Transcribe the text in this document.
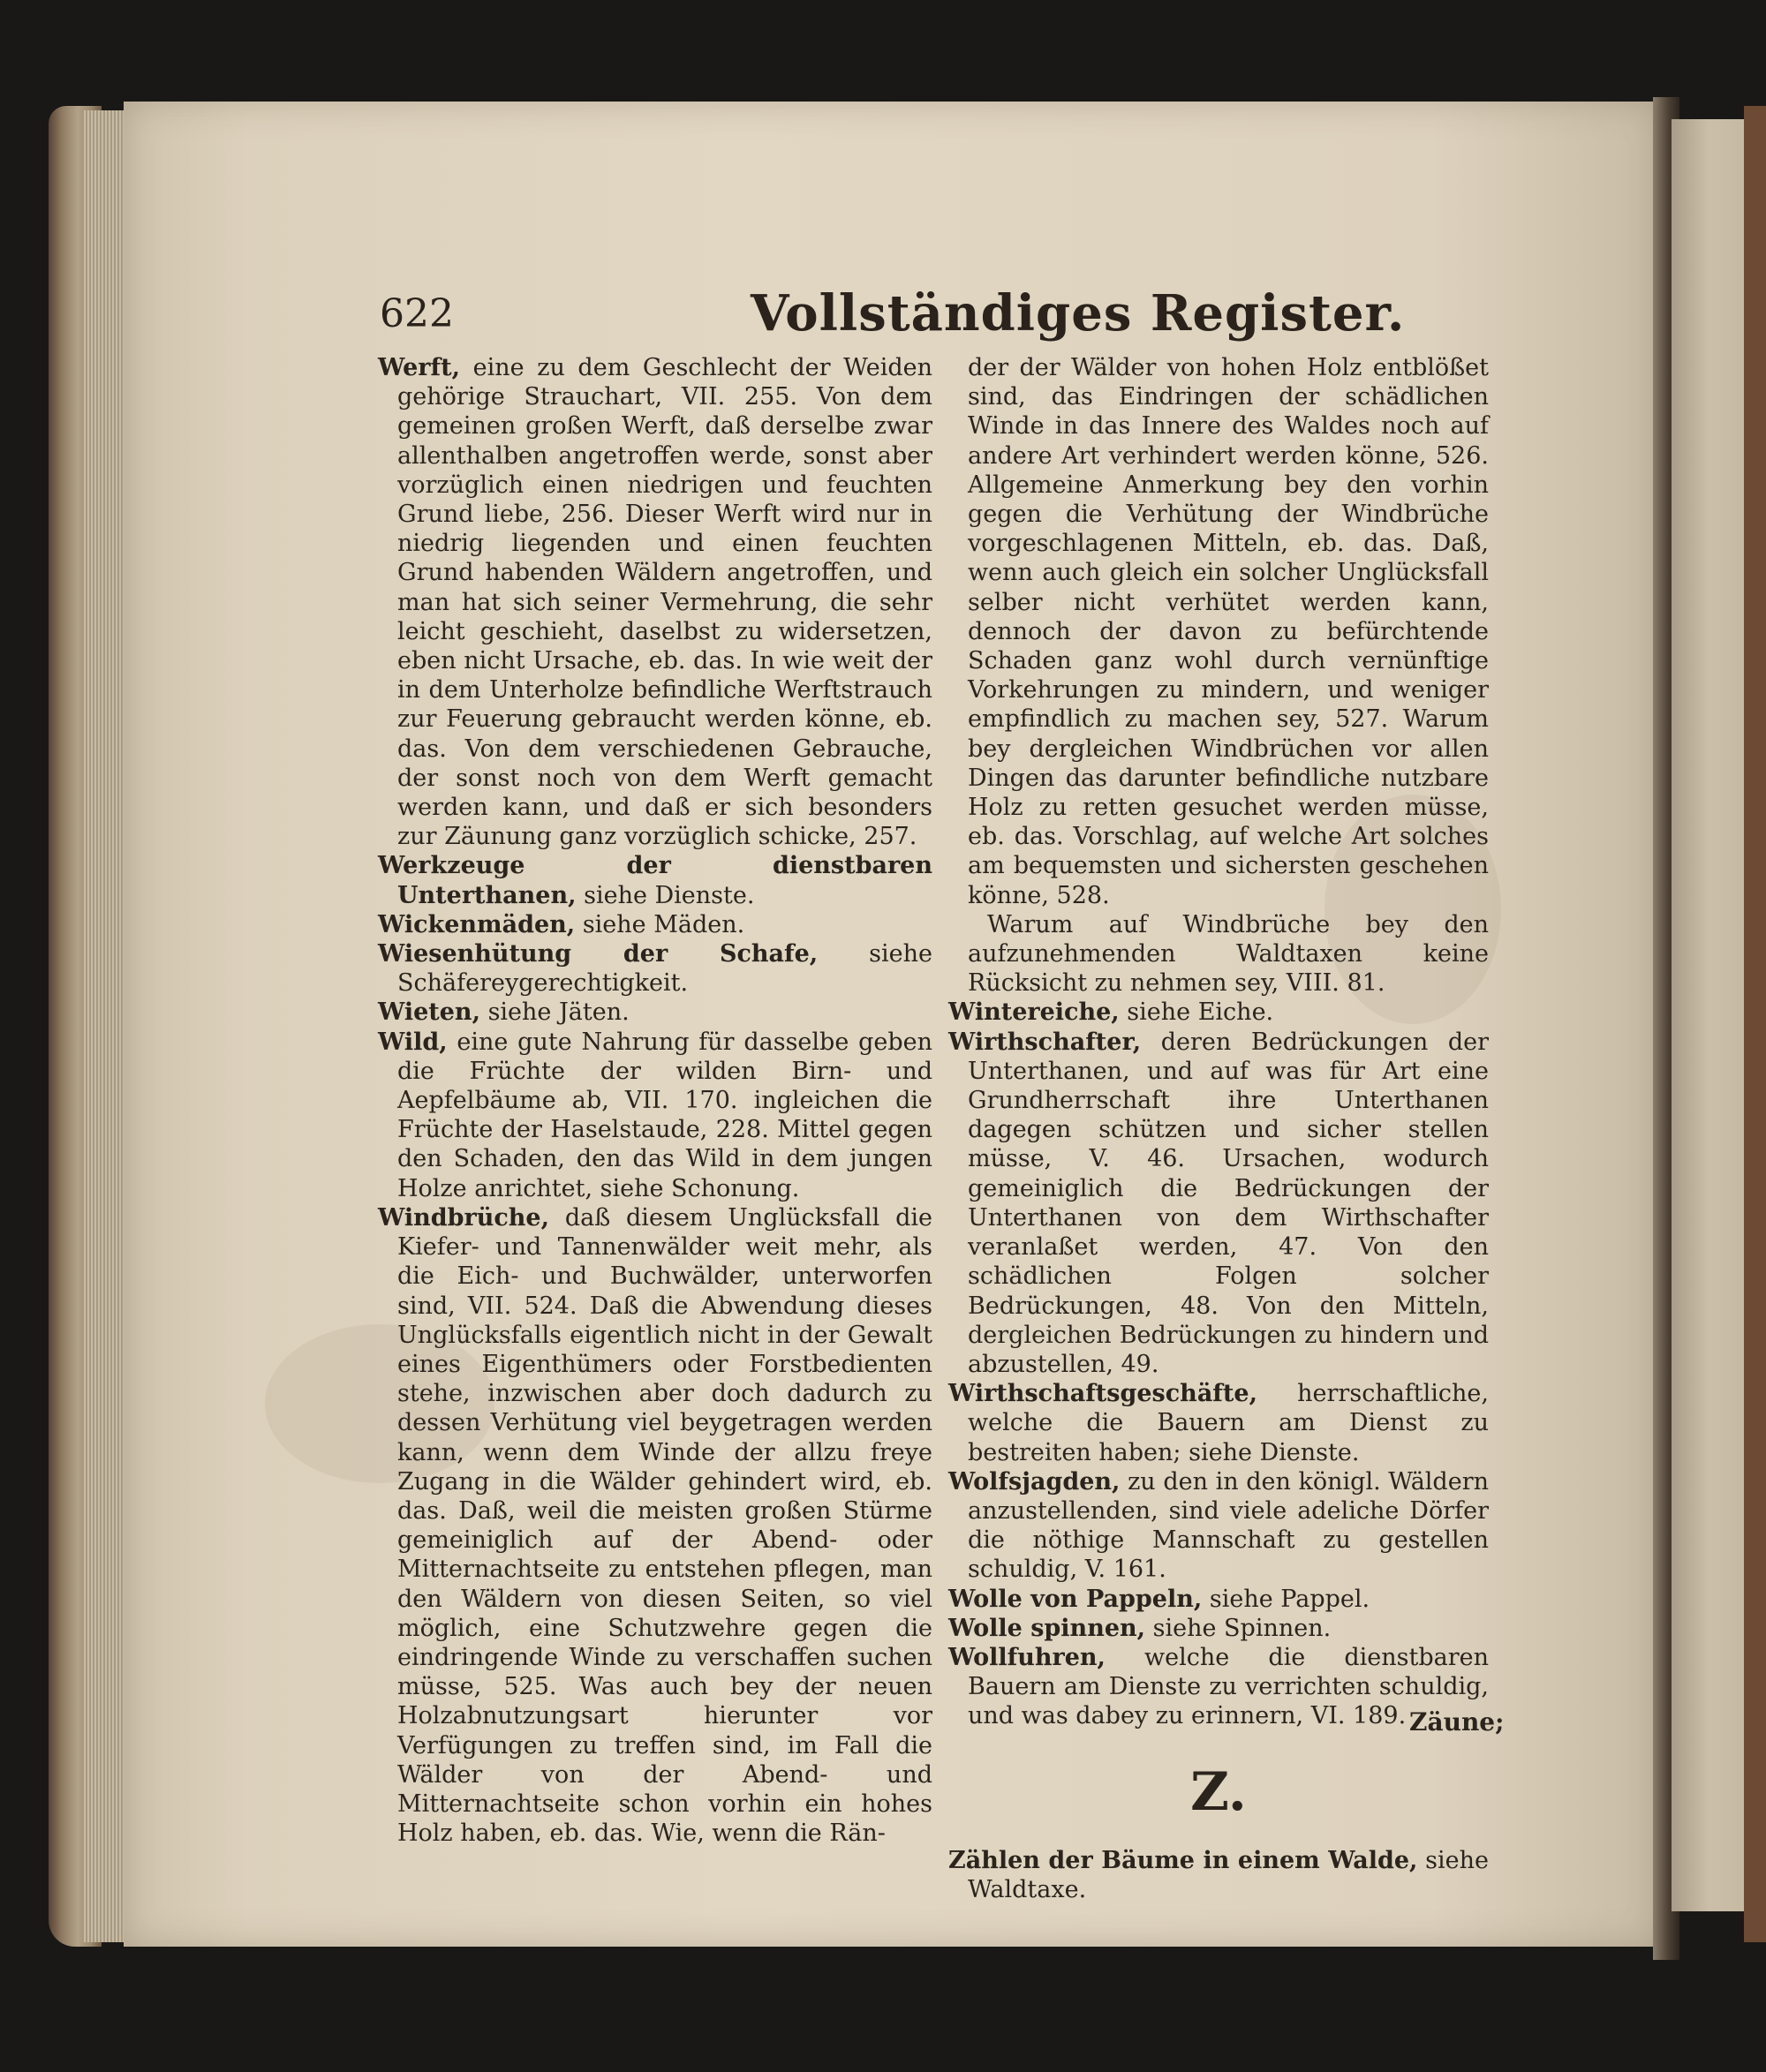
622	Vollständiges Register.
Werft, eine zu dem Geschlecht der Weiden gehörige Strauchart, VII. 255. Von dem gemeinen großen Werft, daß derselbe zwar allenthalben angetroffen werde, sonst aber vorzüglich einen niedrigen und feuchten Grund liebe, 256. Dieser Werft wird nur in niedrig liegenden und einen feuchten Grund habenden Wäldern angetroffen, und man hat sich seiner Vermehrung, die sehr leicht geschieht, daselbst zu widersetzen, eben nicht Ursache, eb. das. In wie weit der in dem Unterholze befindliche Werftstrauch zur Feuerung gebraucht werden könne, eb. das. Von dem verschiedenen Gebrauche, der sonst noch von dem Werft gemacht werden kann, und daß er sich besonders zur Zäunung ganz vorzüglich schicke, 257.
Werkzeuge der dienstbaren Unterthanen, siehe Dienste.
Wickenmäden, siehe Mäden.
Wiesenhütung der Schafe, siehe Schäfereygerechtigkeit.
Wieten, siehe Jäten.
Wild, eine gute Nahrung für dasselbe geben die Früchte der wilden Birn- und Aepfelbäume ab, VII. 170. ingleichen die Früchte der Haselstaude, 228. Mittel gegen den Schaden, den das Wild in dem jungen Holze anrichtet, siehe Schonung.
Windbrüche, daß diesem Unglücksfall die Kiefer- und Tannenwälder weit mehr, als die Eich- und Buchwälder, unterworfen sind, VII. 524. Daß die Abwendung dieses Unglücksfalls eigentlich nicht in der Gewalt eines Eigenthümers oder Forstbedienten stehe, inzwischen aber doch dadurch zu dessen Verhütung viel beygetragen werden kann, wenn dem Winde der allzu freye Zugang in die Wälder gehindert wird, eb. das. Daß, weil die meisten großen Stürme gemeiniglich auf der Abend- oder Mitternachtseite zu entstehen pflegen, man den Wäldern von diesen Seiten, so viel möglich, eine Schutzwehre gegen die eindringende Winde zu verschaffen suchen müsse, 525. Was auch bey der neuen Holzabnutzungsart hierunter vor Verfügungen zu treffen sind, im Fall die Wälder von der Abend- und Mitternachtseite schon vorhin ein hohes Holz haben, eb. das. Wie, wenn die Rän-
der der Wälder von hohen Holz entblößet sind, das Eindringen der schädlichen Winde in das Innere des Waldes noch auf andere Art verhindert werden könne, 526. Allgemeine Anmerkung bey den vorhin gegen die Verhütung der Windbrüche vorgeschlagenen Mitteln, eb. das. Daß, wenn auch gleich ein solcher Unglücksfall selber nicht verhütet werden kann, dennoch der davon zu befürchtende Schaden ganz wohl durch vernünftige Vorkehrungen zu mindern, und weniger empfindlich zu machen sey, 527. Warum bey dergleichen Windbrüchen vor allen Dingen das darunter befindliche nutzbare Holz zu retten gesuchet werden müsse, eb. das. Vorschlag, auf welche Art solches am bequemsten und sichersten geschehen könne, 528.
Warum auf Windbrüche bey den aufzunehmenden Waldtaxen keine Rücksicht zu nehmen sey, VIII. 81.
Wintereiche, siehe Eiche.
Wirthschafter, deren Bedrückungen der Unterthanen, und auf was für Art eine Grundherrschaft ihre Unterthanen dagegen schützen und sicher stellen müsse, V. 46. Ursachen, wodurch gemeiniglich die Bedrückungen der Unterthanen von dem Wirthschafter veranlaßet werden, 47. Von den schädlichen Folgen solcher Bedrückungen, 48. Von den Mitteln, dergleichen Bedrückungen zu hindern und abzustellen, 49.
Wirthschaftsgeschäfte, herrschaftliche, welche die Bauern am Dienst zu bestreiten haben; siehe Dienste.
Wolfsjagden, zu den in den königl. Wäldern anzustellenden, sind viele adeliche Dörfer die nöthige Mannschaft zu gestellen schuldig, V. 161.
Wolle von Pappeln, siehe Pappel.
Wolle spinnen, siehe Spinnen.
Wollfuhren, welche die dienstbaren Bauern am Dienste zu verrichten schuldig, und was dabey zu erinnern, VI. 189.
Z.
Zählen der Bäume in einem Walde, siehe Waldtaxe.
Zäune;
